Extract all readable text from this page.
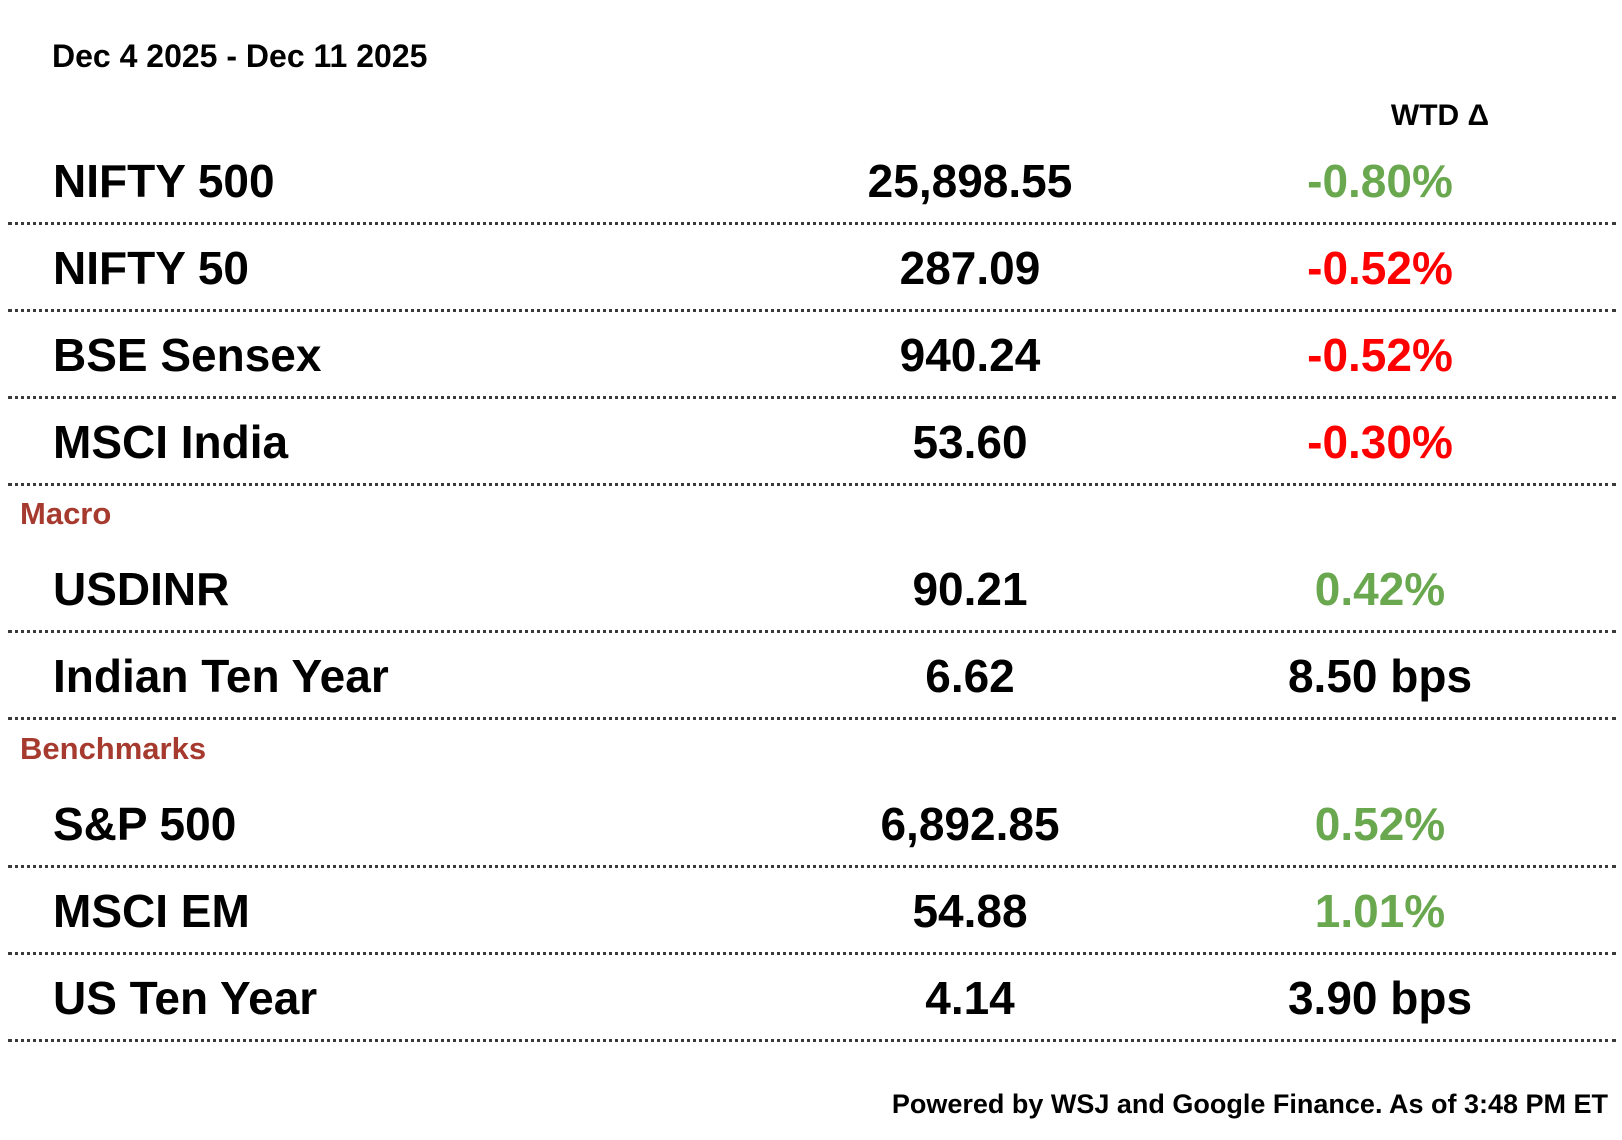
Dec 4 2025 - Dec 11 2025
WTD Δ
NIFTY 500	25,898.55	-0.80%
NIFTY 50	287.09	-0.52%
BSE Sensex	940.24	-0.52%
MSCI India	53.60	-0.30%
Macro
USDINR	90.21	0.42%
Indian Ten Year	6.62	8.50 bps
Benchmarks
S&P 500	6,892.85	0.52%
MSCI EM	54.88	1.01%
US Ten Year	4.14	3.90 bps
Powered by WSJ and Google Finance. As of 3:48 PM ET
